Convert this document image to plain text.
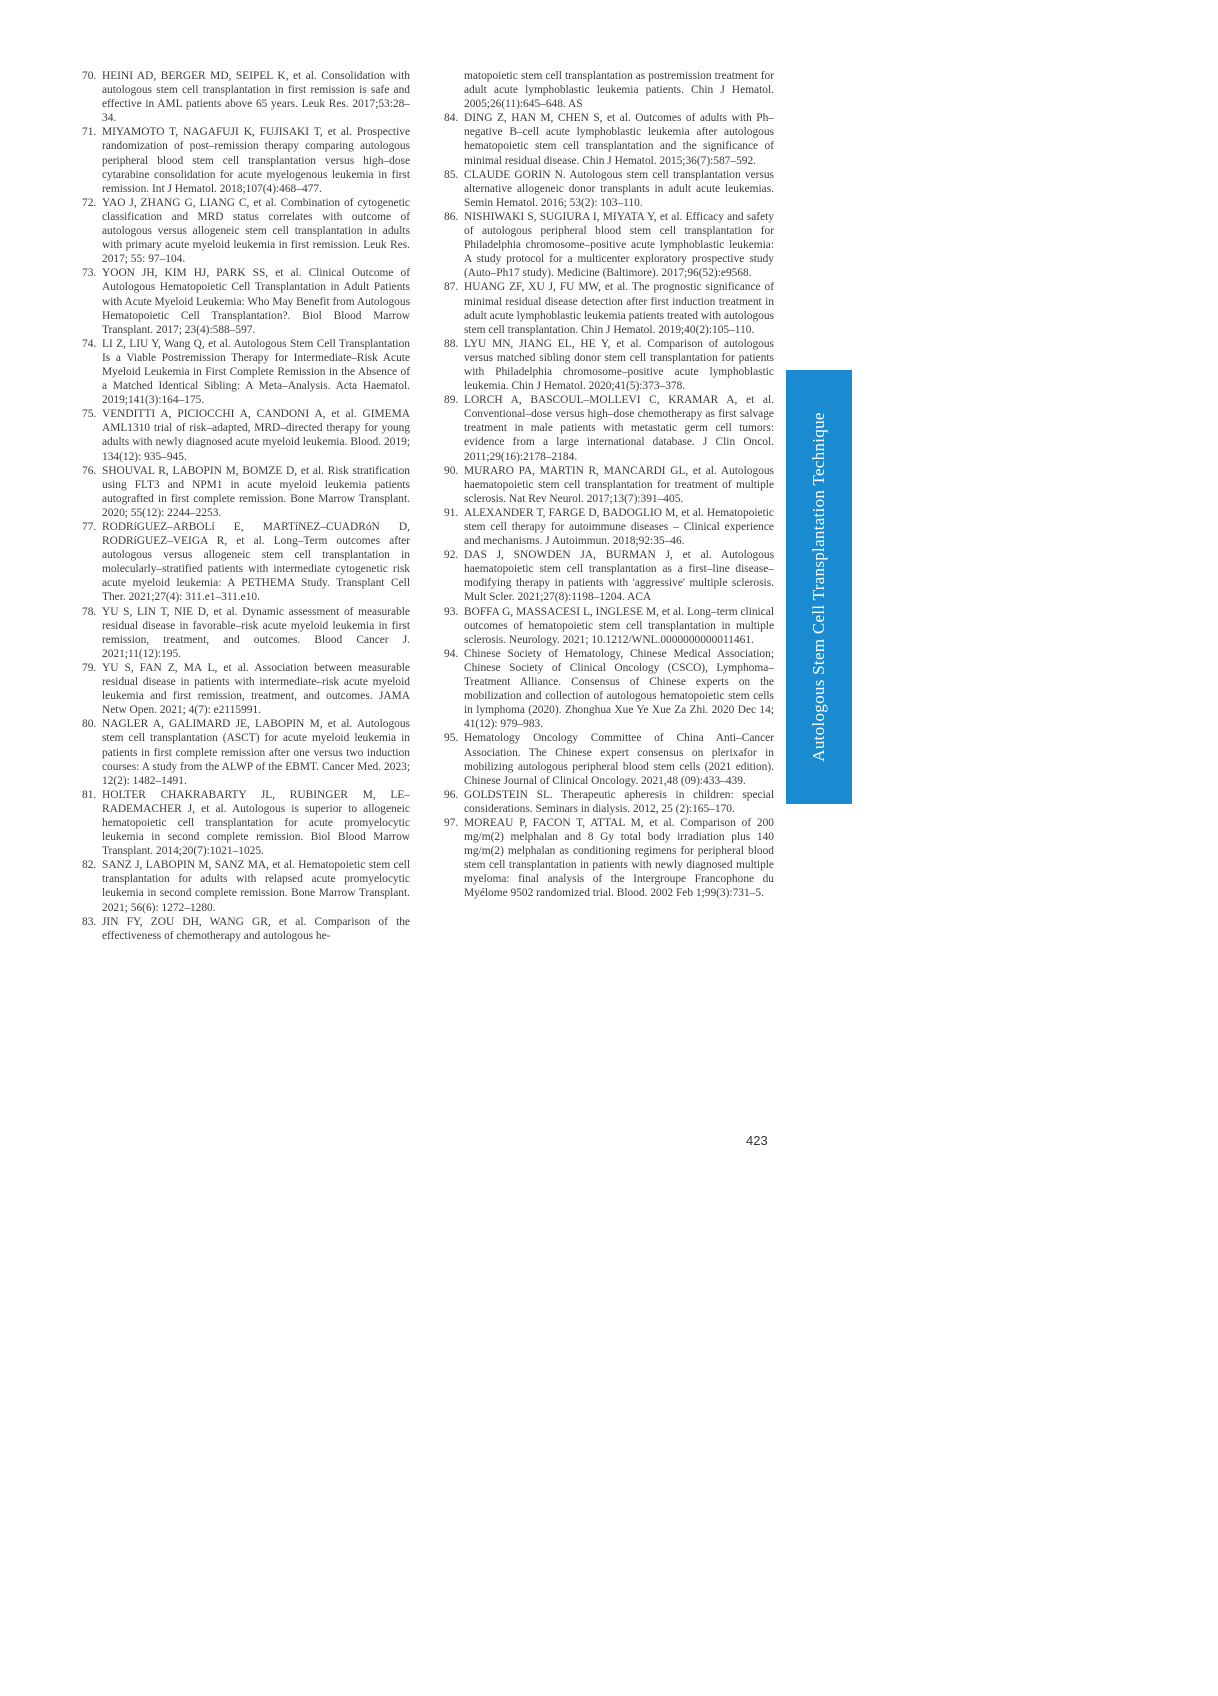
70. HEINI AD, BERGER MD, SEIPEL K, et al. Consolidation with autologous stem cell transplantation in first remission is safe and effective in AML patients above 65 years. Leuk Res. 2017;53:28–34.
71. MIYAMOTO T, NAGAFUJI K, FUJISAKI T, et al. Prospective randomization of post–remission therapy comparing autologous peripheral blood stem cell transplantation versus high–dose cytarabine consolidation for acute myelogenous leukemia in first remission. Int J Hematol. 2018;107(4):468–477.
72. YAO J, ZHANG G, LIANG C, et al. Combination of cytogenetic classification and MRD status correlates with outcome of autologous versus allogeneic stem cell transplantation in adults with primary acute myeloid leukemia in first remission. Leuk Res. 2017; 55: 97–104.
73. YOON JH, KIM HJ, PARK SS, et al. Clinical Outcome of Autologous Hematopoietic Cell Transplantation in Adult Patients with Acute Myeloid Leukemia: Who May Benefit from Autologous Hematopoietic Cell Transplantation?. Biol Blood Marrow Transplant. 2017; 23(4):588–597.
74. LI Z, LIU Y, Wang Q, et al. Autologous Stem Cell Transplantation Is a Viable Postremission Therapy for Intermediate–Risk Acute Myeloid Leukemia in First Complete Remission in the Absence of a Matched Identical Sibling: A Meta–Analysis. Acta Haematol. 2019;141(3):164–175.
75. VENDITTI A, PICIOCCHI A, CANDONI A, et al. GIMEMA AML1310 trial of risk–adapted, MRD–directed therapy for young adults with newly diagnosed acute myeloid leukemia. Blood. 2019; 134(12): 935–945.
76. SHOUVAL R, LABOPIN M, BOMZE D, et al. Risk stratification using FLT3 and NPM1 in acute myeloid leukemia patients autografted in first complete remission. Bone Marrow Transplant. 2020; 55(12): 2244–2253.
77. RODRíGUEZ–ARBOLí E, MARTíNEZ–CUADRóN D, RODRíGUEZ–VEIGA R, et al. Long–Term outcomes after autologous versus allogeneic stem cell transplantation in molecularly–stratified patients with intermediate cytogenetic risk acute myeloid leukemia: A PETHEMA Study. Transplant Cell Ther. 2021;27(4): 311.e1–311.e10.
78. YU S, LIN T, NIE D, et al. Dynamic assessment of measurable residual disease in favorable–risk acute myeloid leukemia in first remission, treatment, and outcomes. Blood Cancer J. 2021;11(12):195.
79. YU S, FAN Z, MA L, et al. Association between measurable residual disease in patients with intermediate–risk acute myeloid leukemia and first remission, treatment, and outcomes. JAMA Netw Open. 2021; 4(7): e2115991.
80. NAGLER A, GALIMARD JE, LABOPIN M, et al. Autologous stem cell transplantation (ASCT) for acute myeloid leukemia in patients in first complete remission after one versus two induction courses: A study from the ALWP of the EBMT. Cancer Med. 2023; 12(2): 1482–1491.
81. HOLTER CHAKRABARTY JL, RUBINGER M, LE–RADEMACHER J, et al. Autologous is superior to allogeneic hematopoietic cell transplantation for acute promyelocytic leukemia in second complete remission. Biol Blood Marrow Transplant. 2014;20(7):1021–1025.
82. SANZ J, LABOPIN M, SANZ MA, et al. Hematopoietic stem cell transplantation for adults with relapsed acute promyelocytic leukemia in second complete remission. Bone Marrow Transplant. 2021; 56(6): 1272–1280.
83. JIN FY, ZOU DH, WANG GR, et al. Comparison of the effectiveness of chemotherapy and autologous he-
matopoietic stem cell transplantation as postremission treatment for adult acute lymphoblastic leukemia patients. Chin J Hematol. 2005;26(11):645–648. AS
84. DING Z, HAN M, CHEN S, et al. Outcomes of adults with Ph–negative B–cell acute lymphoblastic leukemia after autologous hematopoietic stem cell transplantation and the significance of minimal residual disease. Chin J Hematol. 2015;36(7):587–592.
85. CLAUDE GORIN N. Autologous stem cell transplantation versus alternative allogeneic donor transplants in adult acute leukemias. Semin Hematol. 2016; 53(2): 103–110.
86. NISHIWAKI S, SUGIURA I, MIYATA Y, et al. Efficacy and safety of autologous peripheral blood stem cell transplantation for Philadelphia chromosome–positive acute lymphoblastic leukemia: A study protocol for a multicenter exploratory prospective study (Auto–Ph17 study). Medicine (Baltimore). 2017;96(52):e9568.
87. HUANG ZF, XU J, FU MW, et al. The prognostic significance of minimal residual disease detection after first induction treatment in adult acute lymphoblastic leukemia patients treated with autologous stem cell transplantation. Chin J Hematol. 2019;40(2):105–110.
88. LYU MN, JIANG EL, HE Y, et al. Comparison of autologous versus matched sibling donor stem cell transplantation for patients with Philadelphia chromosome–positive acute lymphoblastic leukemia. Chin J Hematol. 2020;41(5):373–378.
89. LORCH A, BASCOUL–MOLLEVI C, KRAMAR A, et al. Conventional–dose versus high–dose chemotherapy as first salvage treatment in male patients with metastatic germ cell tumors: evidence from a large international database. J Clin Oncol. 2011;29(16):2178–2184.
90. MURARO PA, MARTIN R, MANCARDI GL, et al. Autologous haematopoietic stem cell transplantation for treatment of multiple sclerosis. Nat Rev Neurol. 2017;13(7):391–405.
91. ALEXANDER T, FARGE D, BADOGLIO M, et al. Hematopoietic stem cell therapy for autoimmune diseases – Clinical experience and mechanisms. J Autoimmun. 2018;92:35–46.
92. DAS J, SNOWDEN JA, BURMAN J, et al. Autologous haematopoietic stem cell transplantation as a first–line disease–modifying therapy in patients with 'aggressive' multiple sclerosis. Mult Scler. 2021;27(8):1198–1204. ACA
93. BOFFA G, MASSACESI L, INGLESE M, et al. Long–term clinical outcomes of hematopoietic stem cell transplantation in multiple sclerosis. Neurology. 2021; 10.1212/WNL.0000000000011461.
94. Chinese Society of Hematology, Chinese Medical Association; Chinese Society of Clinical Oncology (CSCO), Lymphoma–Treatment Alliance. Consensus of Chinese experts on the mobilization and collection of autologous hematopoietic stem cells in lymphoma (2020). Zhonghua Xue Ye Xue Za Zhi. 2020 Dec 14; 41(12): 979–983.
95. Hematology Oncology Committee of China Anti–Cancer Association. The Chinese expert consensus on plerixafor in mobilizing autologous peripheral blood stem cells (2021 edition). Chinese Journal of Clinical Oncology. 2021,48 (09):433–439.
96. GOLDSTEIN SL. Therapeutic apheresis in children: special considerations. Seminars in dialysis. 2012, 25 (2):165–170.
97. MOREAU P, FACON T, ATTAL M, et al. Comparison of 200 mg/m(2) melphalan and 8 Gy total body irradiation plus 140 mg/m(2) melphalan as conditioning regimens for peripheral blood stem cell transplantation in patients with newly diagnosed multiple myeloma: final analysis of the Intergroupe Francophone du Myélome 9502 randomized trial. Blood. 2002 Feb 1;99(3):731–5.
Autologous Stem Cell Transplantation Technique
423
